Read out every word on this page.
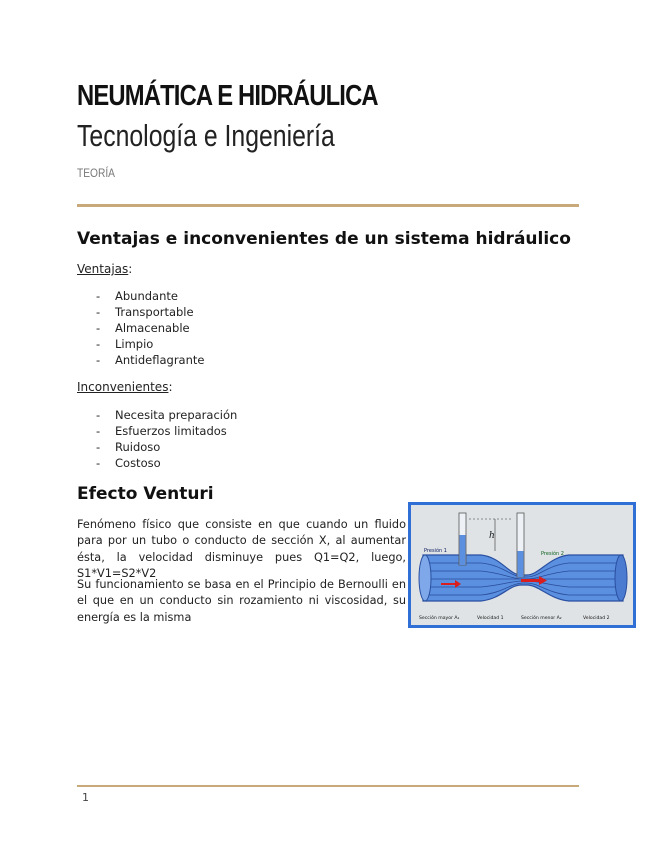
NEUMÁTICA E HIDRÁULICA
Tecnología e Ingeniería
TEORÍA
Ventajas e inconvenientes de un sistema hidráulico
Ventajas:
- Abundante
- Transportable
- Almacenable
- Limpio
- Antideflagrante
Inconvenientes:
- Necesita preparación
- Esfuerzos limitados
- Ruidoso
- Costoso
Efecto Venturi
Fenómeno físico que consiste en que cuando un fluido para por un tubo o conducto de sección X, al aumentar ésta, la velocidad disminuye pues Q1=Q2, luego, S1*V1=S2*V2
Su funcionamiento se basa en el Principio de Bernoulli en el que en un conducto sin rozamiento ni viscosidad, su energía es la misma
h
Presión 1	Presión 2
Sección mayor A₁	Velocidad 1	Sección menor A₂	Velocidad 2
1
